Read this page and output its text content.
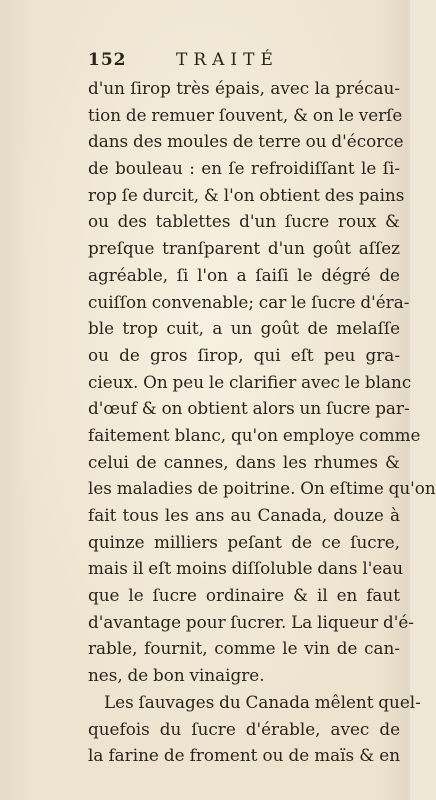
152	TRAITÉ
d'un ſirop très épais, avec la précau-
tion de remuer ſouvent, & on le verſe
dans des moules de terre ou d'écorce
de bouleau : en ſe refroidiſſant le ſi-
rop ſe durcit, & l'on obtient des pains
ou des tablettes d'un ſucre roux &
preſque tranſparent d'un goût aſſez
agréable, ſi l'on a ſaiſi le dégré de
cuiſſon convenable; car le ſucre d'éra-
ble trop cuit, a un goût de melaſſe
ou de gros ſirop, qui eſt peu gra-
cieux. On peu le clarifier avec le blanc
d'œuf & on obtient alors un ſucre par-
faitement blanc, qu'on employe comme
celui de cannes, dans les rhumes &
les maladies de poitrine. On eſtime qu'on
fait tous les ans au Canada, douze à
quinze milliers peſant de ce ſucre,
mais il eſt moins diſſoluble dans l'eau
que le ſucre ordinaire & il en faut
d'avantage pour ſucrer. La liqueur d'é-
rable, fournit, comme le vin de can-
nes, de bon vinaigre.
Les ſauvages du Canada mêlent quel-
quefois du ſucre d'érable, avec de
la farine de froment ou de maïs & en
